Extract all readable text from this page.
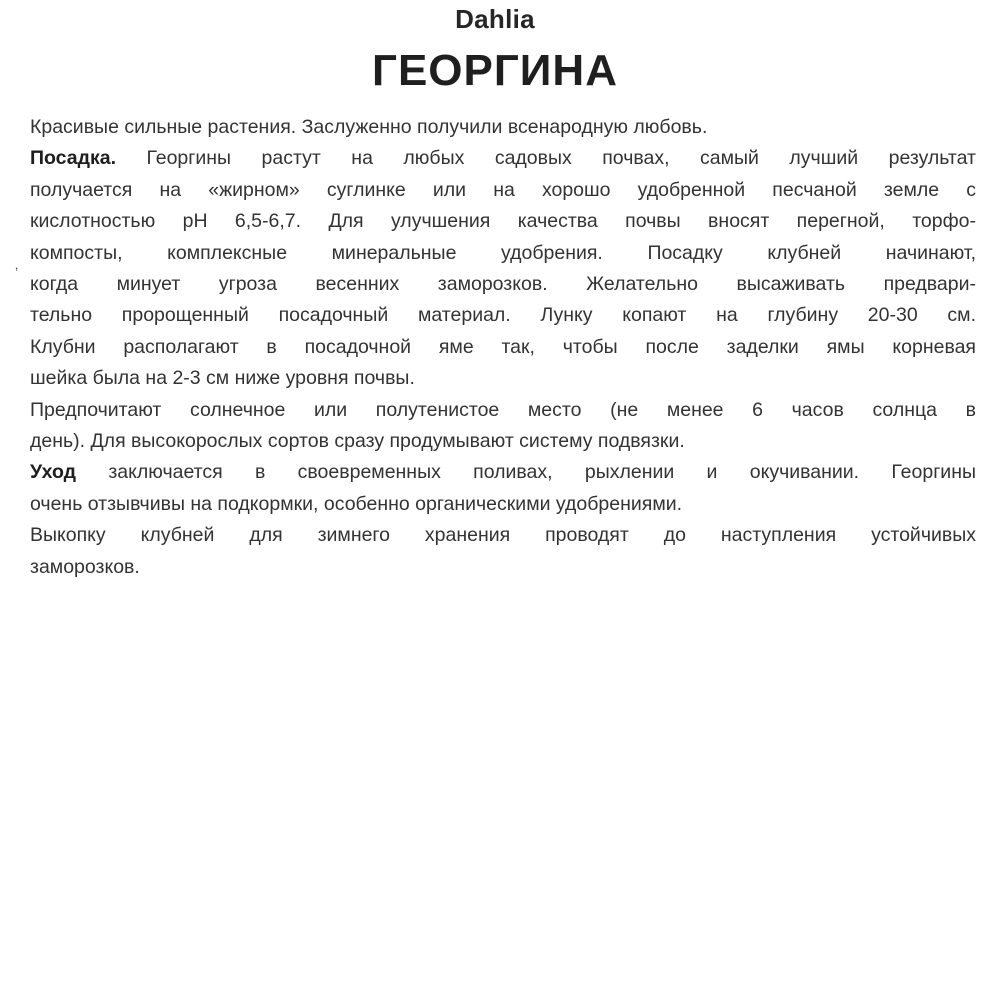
Dahlia
ГЕОРГИНА
‚
Красивые сильные растения. Заслуженно получили всенародную любовь.
Посадка. Георгины растут на любых садовых почвах, самый лучший результат
получается на «жирном» суглинке или на хорошо удобренной песчаной земле с
кислотностью рН 6,5-6,7. Для улучшения качества почвы вносят перегной, торфо-
компосты, комплексные минеральные удобрения. Посадку клубней начинают,
когда минует угроза весенних заморозков. Желательно высаживать предвари-
тельно пророщенный посадочный материал. Лунку копают на глубину 20-30 см.
Клубни располагают в посадочной яме так, чтобы после заделки ямы корневая
шейка была на 2-3 см ниже уровня почвы.
Предпочитают солнечное или полутенистое место (не менее 6 часов солнца в
день). Для высокорослых сортов сразу продумывают систему подвязки.
Уход заключается в своевременных поливах, рыхлении и окучивании. Георгины
очень отзывчивы на подкормки, особенно органическими удобрениями.
Выкопку клубней для зимнего хранения проводят до наступления устойчивых
заморозков.
